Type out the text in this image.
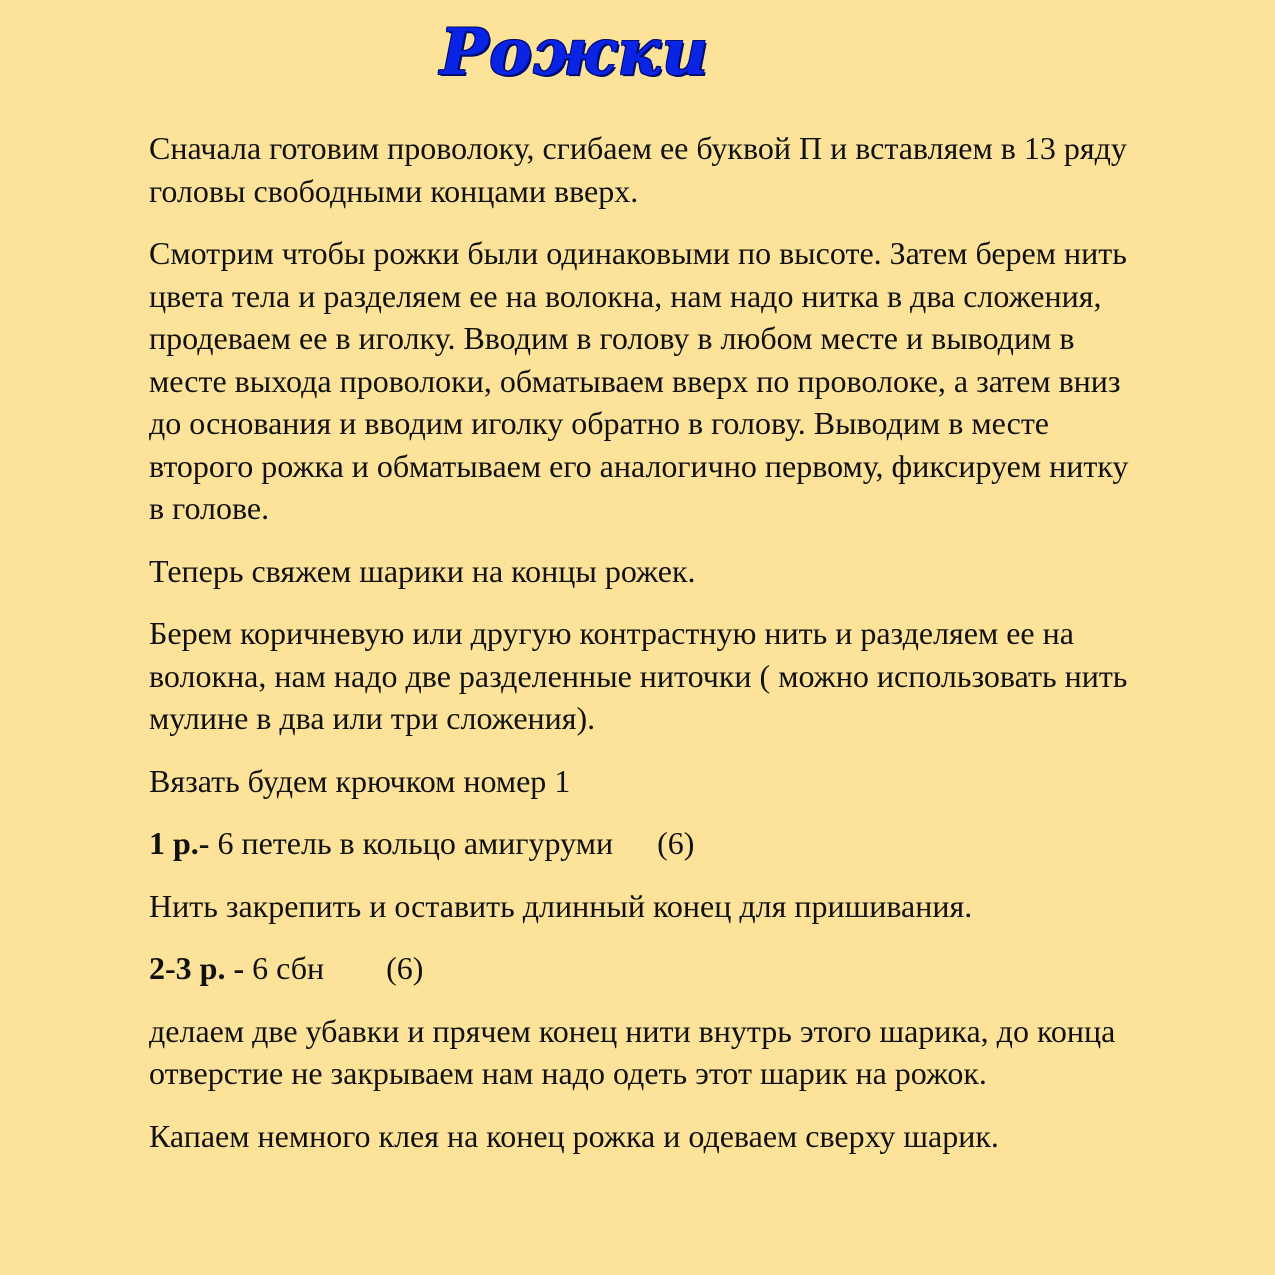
Рожки

Сначала готовим проволоку, сгибаем ее буквой П и вставляем в 13 ряду головы свободными концами вверх.

Смотрим чтобы рожки были одинаковыми по высоте. Затем берем нить цвета тела и разделяем ее на волокна, нам надо нитка в два сложения, продеваем ее в иголку. Вводим в голову в любом месте и выводим в месте выхода проволоки, обматываем вверх по проволоке, а затем вниз до основания и вводим иголку обратно в голову. Выводим в месте второго рожка и обматываем его аналогично первому, фиксируем нитку в голове.

Теперь свяжем шарики на концы рожек.

Берем коричневую или другую контрастную нить и разделяем ее на волокна, нам надо две разделенные ниточки ( можно использовать нить мулине в два или три сложения).

Вязать будем крючком номер 1

1 р.- 6 петель в кольцо амигуруми (6)

Нить закрепить и оставить длинный конец для пришивания.

2-3 р. - 6 сбн (6)

делаем две убавки и прячем конец нити внутрь этого шарика, до конца отверстие не закрываем нам надо одеть этот шарик на рожок.

Капаем немного клея на конец рожка и одеваем сверху шарик.
